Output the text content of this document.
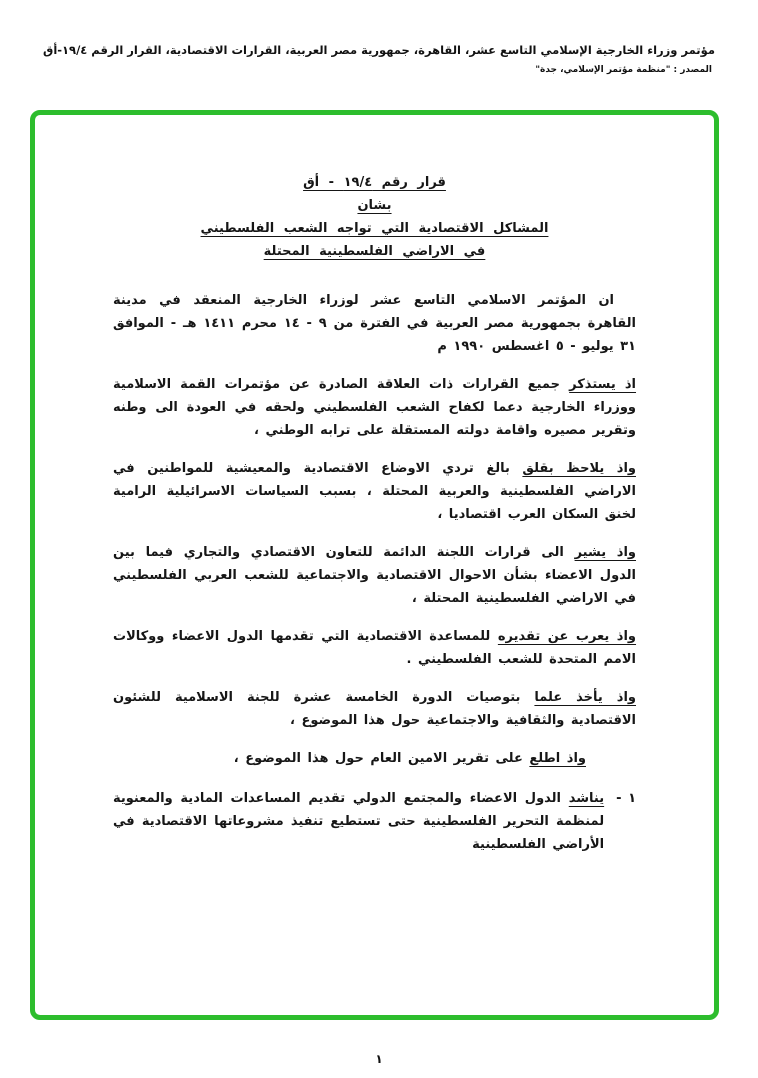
مؤتمر وزراء الخارجية الإسلامي التاسع عشر، القاهرة، جمهورية مصر العربية، القرارات الاقتصادية، القرار الرقم ١٩/٤-أق
المصدر : "منظمة مؤتمر الإسلامي، جدة"
قرار رقم ١٩/٤ - أق
بشان
المشاكل الاقتصادية التي تواجه الشعب الفلسطيني
في الاراضي الفلسطينية المحتلة

ان المؤتمر الاسلامي التاسع عشر لوزراء الخارجية المنعقد في مدينة القاهرة بجمهورية مصر العربية في الفترة من ٩ - ١٤ محرم ١٤١١ هـ - الموافق ٣١ يوليو - ٥ اغسطس ١٩٩٠ م

اذ يستذكر جميع القرارات ذات العلاقة الصادرة عن مؤتمرات القمة الاسلامية ووزراء الخارجية دعما لكفاح الشعب الفلسطيني ولحقه في العودة الى وطنه وتقرير مصيره واقامة دولته المستقلة على ترابه الوطني ،

واذ يلاحظ بقلق بالغ تردي الاوضاع الاقتصادية والمعيشية للمواطنين في الاراضي الفلسطينية والعربية المحتلة ، بسبب السياسات الاسرائيلية الرامية لخنق السكان العرب اقتصاديا ،

واذ يشير الى قرارات اللجنة الدائمة للتعاون الاقتصادي والتجاري فيما بين الدول الاعضاء بشأن الاحوال الاقتصادية والاجتماعية للشعب العربي الفلسطيني في الاراضي الفلسطينية المحتلة ،

واذ يعرب عن تقديره للمساعدة الاقتصادية التي تقدمها الدول الاعضاء ووكالات الامم المتحدة للشعب الفلسطيني .

واذ يأخذ علما بتوصيات الدورة الخامسة عشرة للجنة الاسلامية للشئون الاقتصادية والثقافية والاجتماعية حول هذا الموضوع ،

واذ اطلع على تقرير الامين العام حول هذا الموضوع ،

١ -
يناشد الدول الاعضاء والمجتمع الدولي تقديم المساعدات المادية والمعنوية لمنظمة التحرير الفلسطينية حتى تستطيع تنفيذ مشروعاتها الاقتصادية في الأراضي الفلسطينية
١
